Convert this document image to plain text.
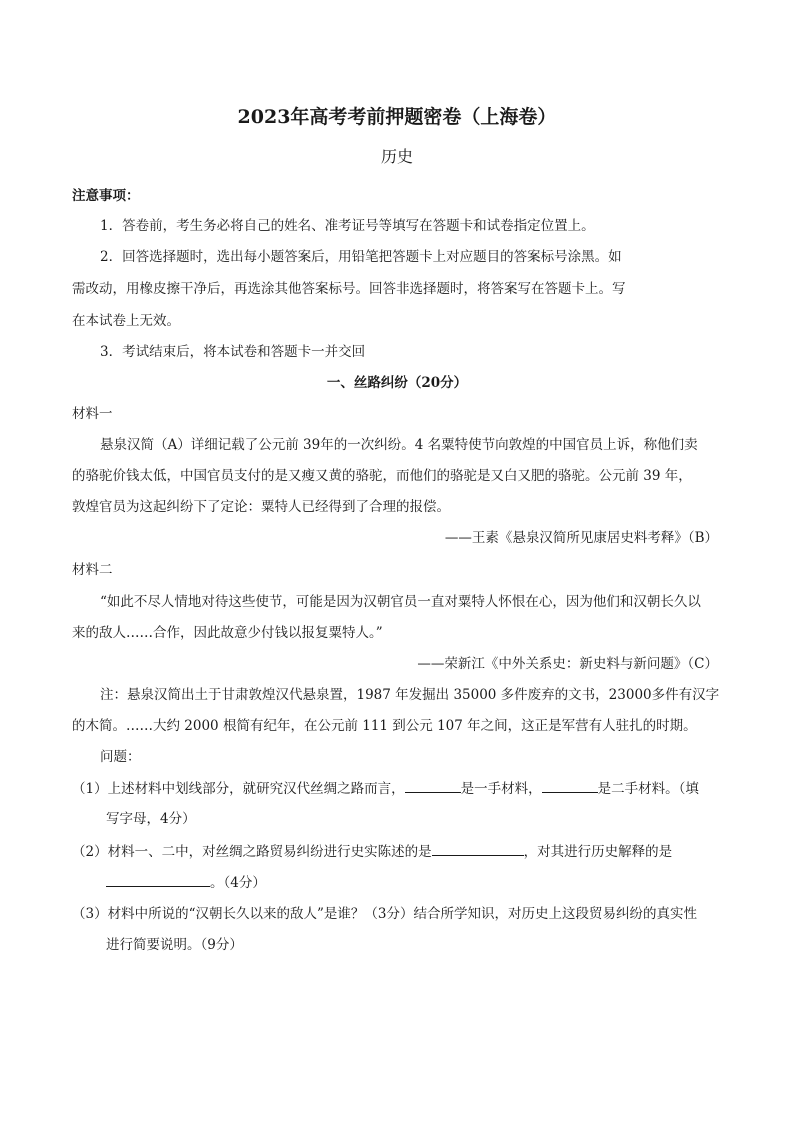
2023年高考考前押题密卷（上海卷）
历史
注意事项：
1．答卷前，考生务必将自己的姓名、准考证号等填写在答题卡和试卷指定位置上。
2．回答选择题时，选出每小题答案后，用铅笔把答题卡上对应题目的答案标号涂黑。如
需改动，用橡皮擦干净后，再选涂其他答案标号。回答非选择题时，将答案写在答题卡上。写
在本试卷上无效。
3．考试结束后，将本试卷和答题卡一并交回
一、丝路纠纷（20分）
材料一
悬泉汉简（A）详细记载了公元前 39年的一次纠纷。4 名粟特使节向敦煌的中国官员上诉，称他们卖
的骆驼价钱太低，中国官员支付的是又瘦又黄的骆驼，而他们的骆驼是又白又肥的骆驼。公元前 39 年，
敦煌官员为这起纠纷下了定论：粟特人已经得到了合理的报偿。
——王素《悬泉汉简所见康居史料考释》（B）
材料二
“如此不尽人情地对待这些使节，可能是因为汉朝官员一直对粟特人怀恨在心，因为他们和汉朝长久以
来的敌人……合作，因此故意少付钱以报复粟特人。”
——荣新江《中外关系史：新史料与新问题》（C）
注：悬泉汉简出土于甘肃敦煌汉代悬泉置，1987 年发掘出 35000 多件废弃的文书，23000多件有汉字
的木简。……大约 2000 根简有纪年，在公元前 111 到公元 107 年之间，这正是军营有人驻扎的时期。
问题：
（1）上述材料中划线部分，就研究汉代丝绸之路而言，	是一手材料，	是二手材料。（填
写字母，4分）
（2）材料一、二中，对丝绸之路贸易纠纷进行史实陈述的是	，对其进行历史解释的是
。（4分）
（3）材料中所说的“汉朝长久以来的敌人”是谁？（3分）结合所学知识，对历史上这段贸易纠纷的真实性
进行简要说明。（9分）
